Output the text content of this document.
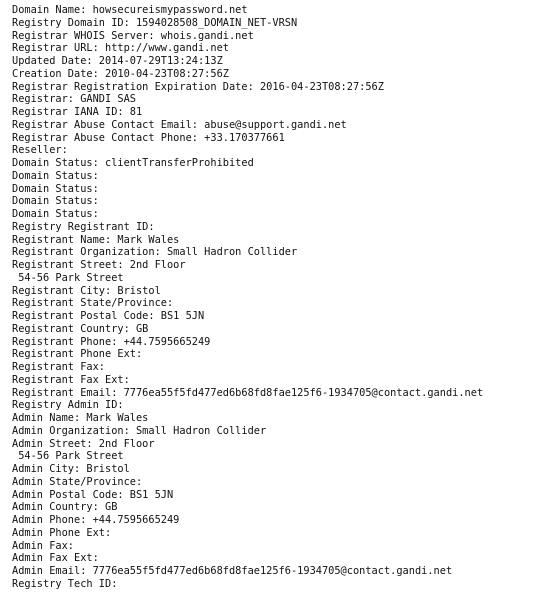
Domain Name: howsecureismypassword.net
Registry Domain ID: 1594028508_DOMAIN_NET-VRSN
Registrar WHOIS Server: whois.gandi.net
Registrar URL: http://www.gandi.net
Updated Date: 2014-07-29T13:24:13Z
Creation Date: 2010-04-23T08:27:56Z
Registrar Registration Expiration Date: 2016-04-23T08:27:56Z
Registrar: GANDI SAS
Registrar IANA ID: 81
Registrar Abuse Contact Email: abuse@support.gandi.net
Registrar Abuse Contact Phone: +33.170377661
Reseller:
Domain Status: clientTransferProhibited
Domain Status:
Domain Status:
Domain Status:
Domain Status:
Registry Registrant ID:
Registrant Name: Mark Wales
Registrant Organization: Small Hadron Collider
Registrant Street: 2nd Floor
54-56 Park Street
Registrant City: Bristol
Registrant State/Province:
Registrant Postal Code: BS1 5JN
Registrant Country: GB
Registrant Phone: +44.7595665249
Registrant Phone Ext:
Registrant Fax:
Registrant Fax Ext:
Registrant Email: 7776ea55f5fd477ed6b68fd8fae125f6-1934705@contact.gandi.net
Registry Admin ID:
Admin Name: Mark Wales
Admin Organization: Small Hadron Collider
Admin Street: 2nd Floor
54-56 Park Street
Admin City: Bristol
Admin State/Province:
Admin Postal Code: BS1 5JN
Admin Country: GB
Admin Phone: +44.7595665249
Admin Phone Ext:
Admin Fax:
Admin Fax Ext:
Admin Email: 7776ea55f5fd477ed6b68fd8fae125f6-1934705@contact.gandi.net
Registry Tech ID:
